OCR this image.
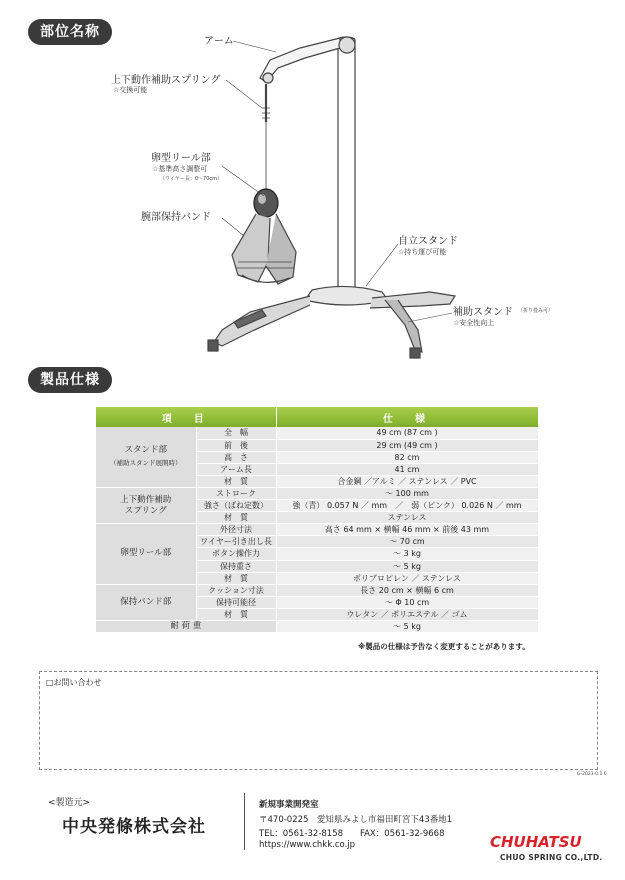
部位名称
製品仕様
アーム
上下動作補助スプリング
☆交換可能
卵型リール部
☆基準高さ調整可
（ワイヤー長：0～70cm）
腕部保持バンド
自立スタンド
☆持ち運び可能
補助スタンド （折り畳み可）
☆安全性向上
項　目		仕　様
スタンド部
（補助スタンド展開時）	全　幅	49 cm (87 cm )
	前　後	29 cm (49 cm )
	高　さ	82 cm
	アーム長	41 cm
	材　質	合金鋼 ／アルミ ／ ステンレス ／ PVC
上下動作補助
スプリング	ストローク	～ 100 mm
	強さ（ばね定数）	強（青） 0.057 N ／ mm　／　弱（ピンク） 0.026 N ／ mm
	材　質	ステンレス
卵型リール部	外径寸法	高さ 64 mm × 横幅 46 mm × 前後 43 mm
	ワイヤー引き出し長	～ 70 cm
	ボタン操作力	～ 3 kg
	保持重さ	～ 5 kg
	材　質	ポリプロピレン ／ ステンレス
保持バンド部	クッション寸法	長さ 20 cm × 横幅 6 cm
	保持可能径	～ Φ 10 cm
	材　質	ウレタン ／ ポリエステル ／ ゴム
耐 荷 重		～ 5 kg
※製品の仕様は予告なく変更することがあります。
□お問い合わせ
G-2023-0 1 0
<製造元>
中央発條株式会社
新規事業開発室
〒470-0225　愛知県みよし市福田町宮下43番地1
TEL：0561-32-8158　　FAX：0561-32-9668
https://www.chkk.co.jp	CHUHATSU
CHUO SPRING CO.,LTD.
